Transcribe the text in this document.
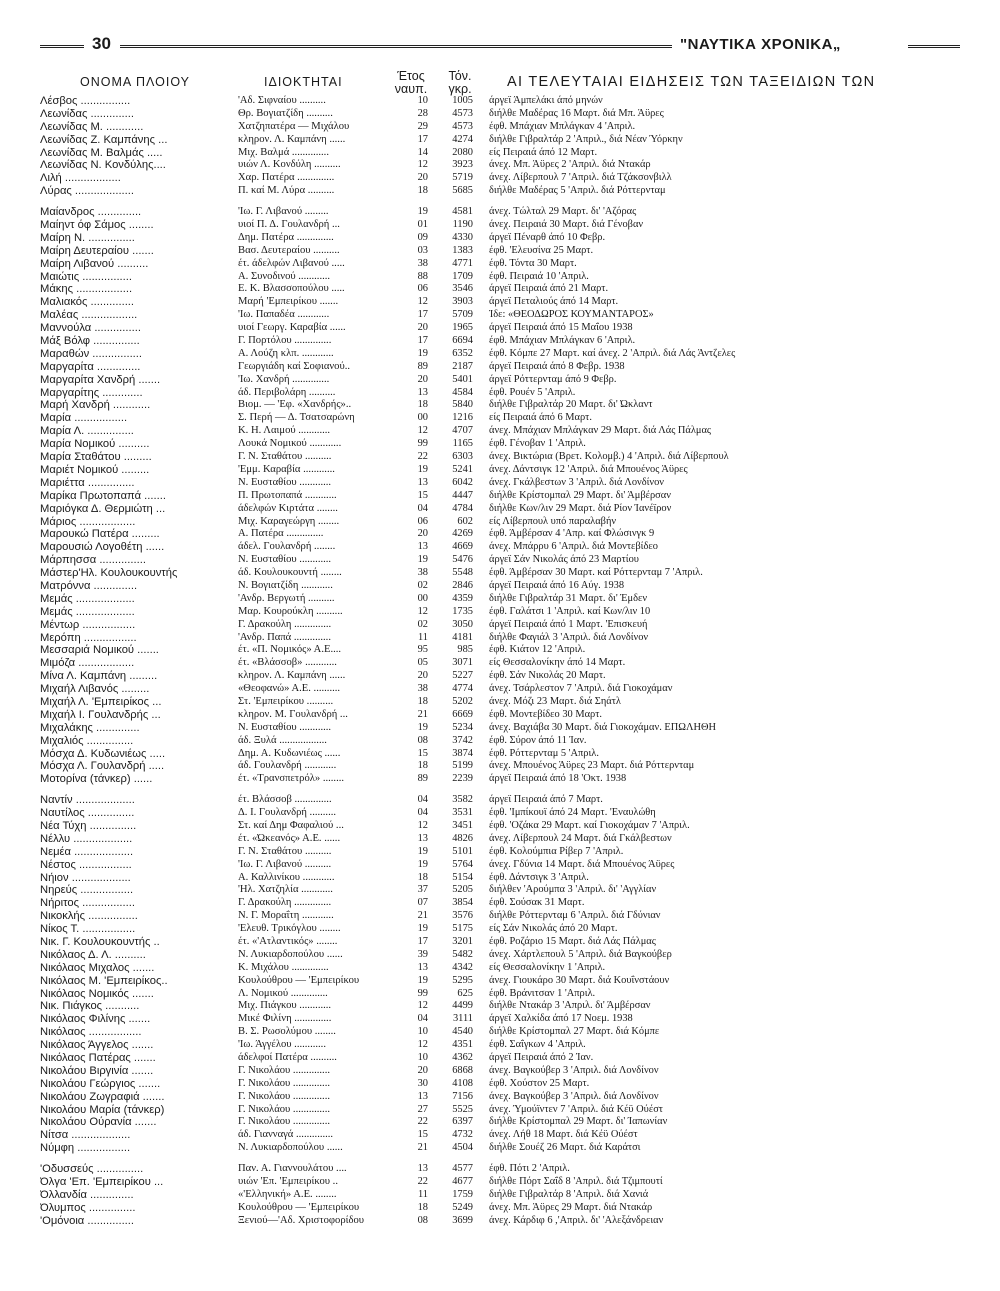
30	"ΝΑΥΤΙΚΑ ΧΡΟΝΙΚΑ„
ΟΝΟΜΑ ΠΛΟΙΟΥ	ΙΔΙΟΚΤΗΤΑΙ	Έτος
ναυπ.
Τόν.
γκρ.	ΑΙ ΤΕΛΕΥΤΑΙΑΙ ΕΙΔΗΣΕΙΣ ΤΩΝ ΤΑΞΕΙΔΙΩΝ ΤΩΝ
Λέσβος ................	'Αδ. Σιφναίου ..........	10	1005 άργεϊ Άμπελάκι άπό μηνών
Λεωνίδας ..............	Θρ. Βογιατζίδη ..........	28	4573 διήλθε Μαδέρας 16 Μαρτ. διά Μπ. Άϋρες
Λεωνίδας Μ. ............	Χατζηπατέρα — Μιχάλου	29	4573 έφθ. Μπάχιαν Μπλάγκαν 4 'Απριλ.
Λεωνίδας Ζ. Καμπάνης ...	κληρον. Λ. Καμπάνη ......	17	4274 διήλθε Γιβραλτάρ 2 'Απριλ., διά Νέαν Ύόρκην
Λεωνίδας Μ. Βαλμάς .....	Μιχ. Βαλμά ..............	14	2080 είς Πειραιά άπό 12 Μαρτ.
Λεωνίδας Ν. Κονδύλης....	υιών Λ. Κονδύλη ..........	12	3923 άνεχ. Μπ. Άϋρες 2 'Απριλ. διά Ντακάρ
Λιλή ..................	Χαρ. Πατέρα ..............	20	5719 άνεχ. Λίβερπουλ 7 'Απριλ. διά Τζάκσονβιλλ
Λύρας ...................	Π. καί Μ. Λύρα ..........	18	5685 διήλθε Μαδέρας 5 'Απριλ. διά Ρόττερνταμ
Μαίανδρος ..............	'Ιω. Γ. Λιβανού .........	19	4581 άνεχ. Τώλταλ 29 Μαρτ. δι' 'Αζόρας
Μαίηντ όφ Σάμος ........	υιοί Π. Δ. Γουλανδρή ...	01	1190 άνεχ. Πειραιά 30 Μαρτ. διά Γένοβαν
Μαίρη Ν. ...............	Δημ. Πατέρα ..............	09	4330 άργεϊ Πέναρθ άπό 10 Φεβρ.
Μαίρη Δευτεραίου .......	Βασ. Δευτεραίου ..........	03	1383 έφθ. 'Ελευσίνα 25 Μαρτ.
Μαίρη Λιβανού ..........	έτ. άδελφών Λιβανού .....	38	4771 έφθ. Τόντα 30 Μαρτ.
Μαιώτις ................	Α. Συνοδινού ............	88	1709 έφθ. Πειραιά 10 'Απριλ.
Μάκης ..................	Ε. Κ. Βλασσοπούλου .....	06	3546 άργεϊ Πειραιά άπό 21 Μαρτ.
Μαλιακός ..............	Μαρή 'Εμπειρίκου .......	12	3903 άργεϊ Πεταλιούς άπό 14 Μαρτ.
Μαλέας ..................	'Ιω. Παπαδέα ............	17	5709 Ίδε: «ΘΕΟΔΩΡΟΣ ΚΟΥΜΑΝΤΑΡΟΣ»
Μαννούλα ...............	υιοί Γεωργ. Καραβία ......	20	1965 άργεϊ Πειραιά άπό 15 Μαΐου 1938
Μάξ Βόλφ ...............	Γ. Πορτόλου ..............	17	6694 έφθ. Μπάχιαν Μπλάγκαν 6 'Απριλ.
Μαραθών ................	Α. Λούζη κλπ. ............	19	6352 έφθ. Κόμπε 27 Μαρτ. καί άνεχ. 2 'Απριλ. διά Λάς Άντζελες
Μαργαρίτα ..............	Γεωργιάδη καί Σοφιανού..	89	2187 άργεϊ Πειραιά άπό 8 Φεβρ. 1938
Μαργαρίτα Χανδρή .......	'Ιω. Χανδρή ..............	20	5401 άργεϊ Ρόττερνταμ άπό 9 Φεβρ.
Μαργαρίτης .............	άδ. Περιβολάρη ..........	13	4584 έφθ. Ρουέν 5 'Απριλ.
Μαρή Χανδρή ............	Βιομ. — 'Εφ. «Χανδρής»..	18	5840 διήλθε Γιβραλτάρ 20 Μαρτ. δι' Ώκλαντ
Μαρία .................	Σ. Περή — Δ. Τσατσαρώνη	00	1216 είς Πειραιά άπό 6 Μαρτ.
Μαρία Λ. ...............	Κ. Η. Λαιμού ............	12	4707 άνεχ. Μπάχιαν Μπλάγκαν 29 Μαρτ. διά Λάς Πάλμας
Μαρία Νομικού ..........	Λουκά Νομικού ............	99	1165 έφθ. Γένοβαν 1 'Απριλ.
Μαρία Σταθάτου .........	Γ. Ν. Σταθάτου ..........	22	6303 άνεχ. Βικτώρια (Βρετ. Κολομβ.) 4 'Απριλ. διά Λίβερπουλ
Μαριέτ Νομικού .........	'Εμμ. Καραβία ............	19	5241 άνεχ. Δάντσιγκ 12 'Απριλ. διά Μπουένος Άϋρες
Μαριέττα ...............	Ν. Ευσταθίου ............	13	6042 άνεχ. Γκάλβεστων 3 'Απριλ. διά Λονδίνον
Μαρίκα Πρωτοπαπά .......	Π. Πρωτοπαπά ............	15	4447 διήλθε Κρίστομπαλ 29 Μαρτ. δι' Άμβέρσαν
Μαριόγκα Δ. Θερμιώτη ...	άδελφών Κιρτάτα ........	04	4784 διήλθε Κων/λιν 29 Μαρτ. διά Ρίον Ίανέϊρον
Μάριος ..................	Μιχ. Καραγεώργη ........	06	602 είς Λίβερπουλ υπό παραλαβήν
Μαρουκώ Πατέρα .........	Α. Πατέρα ..............	20	4269 έφθ. Άμβέρσαν 4 'Απρ. καί Φλώσινγκ 9
Μαρουσιώ Λογοθέτη ......	άδελ. Γουλανδρή ........	13	4669 άνεχ. Μπάρρυ 6 'Απριλ. διά Μοντεβίδεο
Μάρπησσα ...............	Ν. Ευσταθίου ............	19	5476 άργεϊ Σάν Νικολάς άπό 23 Μαρτίου
Μάστερ'Ηλ. Κουλουκουντής	άδ. Κουλουκουντή ........	38	5548 έφθ. Άμβέρσαν 30 Μαρτ. καί Ρόττερνταμ 7 'Απριλ.
Ματρόννα ..............	Ν. Βογιατζίδη ............	02	2846 άργεϊ Πειραιά άπό 16 Αύγ. 1938
Μεμάς ...................	'Ανδρ. Βεργωτή ..........	00	4359 διήλθε Γιβραλτάρ 31 Μαρτ. δι' Έμδεν
Μεμάς ...................	Μαρ. Κουρούκλη ..........	12	1735 έφθ. Γαλάτσι 1 'Απριλ. καί Κων/λιν 10
Μέντωρ .................	Γ. Δρακούλη ..............	02	3050 άργεϊ Πειραιά άπό 1 Μαρτ. 'Επισκευή
Μερόπη .................	'Ανδρ. Παπά ..............	11	4181 διήλθε Φαγιάλ 3 'Απριλ. διά Λονδίνον
Μεσσαριά Νομικού .......	έτ. «Π. Νομικός» Α.Ε....	95	985 έφθ. Κιάτον 12 'Απριλ.
Μιμόζα ..................	έτ. «Βλάσσοβ» ............	05	3071 είς Θεσσαλονίκην άπό 14 Μαρτ.
Μίνα Λ. Καμπάνη .........	κληρον. Λ. Καμπάνη ......	20	5227 έφθ. Σάν Νικολάς 20 Μαρτ.
Μιχαήλ Λιβανός .........	«Θεοφανώ» Α.Ε. ..........	38	4774 άνεχ. Τσάρλεστον 7 'Απριλ. διά Γιοκοχάμαν
Μιχαήλ Λ. 'Εμπειρίκος ...	Στ. 'Εμπειρίκου ..........	18	5202 άνεχ. Μόζι 23 Μαρτ. διά Σηάτλ
Μιχαήλ Ι. Γουλανδρής ...	κληρον. Μ. Γουλανδρή ...	21	6669 έφθ. Μοντεβίδεο 30 Μαρτ.
Μιχαλάκης ..............	Ν. Ευσταθίου ............	19	5234 άνεχ. Βαχιάβα 30 Μαρτ. διά Γιοκοχάμαν. ΕΠΩΛΗΘΗ
Μιχαλιός ...............	άδ. Ξυλά ..................	08	3742 έφθ. Σύρον άπό 11 Ίαν.
Μόσχα Δ. Κυδωνιέως .....	Δημ. Α. Κυδωνιέως ......	15	3874 έφθ. Ρόττερνταμ 5 'Απριλ.
Μόσχα Λ. Γουλανδρή .....	άδ. Γουλανδρή ............	18	5199 άνεχ. Μπουένος Άϋρες 23 Μαρτ. διά Ρόττερνταμ
Μοτορίνα (τάνκερ) ......	έτ. «Τρανσπετρόλ» ........	89	2239 άργεϊ Πειραιά άπό 18 'Οκτ. 1938
Ναντίν ...................	έτ. Βλάσσοβ ..............	04	3582 άργεϊ Πειραιά άπό 7 Μαρτ.
Ναυτίλος ...............	Δ. Ι. Γουλανδρή ..........	04	3531 έφθ. 'Ιμπίκουϊ άπό 24 Μαρτ. 'Εναυλώθη
Νέα Τύχη ...............	Στ. καί Δημ Φαφαλιού ...	12	3451 έφθ. 'Οζάκα 29 Μαρτ. καί Γιοκοχάμαν 7 'Απριλ.
Νέλλυ ...................	έτ. «Ώκεανός» Α.Ε. ......	13	4826 άνεχ. Λίβερπουλ 24 Μαρτ. διά Γκάλβεστων
Νεμέα ...................	Γ. Ν. Σταθάτου ..........	19	5101 έφθ. Κολούμπια Ρίβερ 7 'Απριλ.
Νέστος .................	'Ιω. Γ. Λιβανού ..........	19	5764 άνεχ. Γδύνια 14 Μαρτ. διά Μπουένος Άϋρες
Νήιον ...................	Α. Καλλινίκου ............	18	5154 έφθ. Δάντσιγκ 3 'Απριλ.
Νηρεύς .................	'Ηλ. Χατζηλία ............	37	5205 διήλθεν 'Αρούμπα 3 'Απριλ. δι' 'Αγγλίαν
Νήριτος .................	Γ. Δρακούλη ..............	07	3854 έφθ. Σούσακ 31 Μαρτ.
Νικοκλής ................	Ν. Γ. Μοραΐτη ............	21	3576 διήλθε Ρόττερνταμ 6 'Απριλ. διά Γδύνιαν
Νίκος Τ. .................	'Ελευθ. Τρικόγλου ........	19	5175 είς Σάν Νικολάς άπό 20 Μαρτ.
Νικ. Γ. Κουλουκουντής ..	έτ. «'Ατλαντικός» ........	17	3201 έφθ. Ροζάριο 15 Μαρτ. διά Λάς Πάλμας
Νικόλαος Δ. Λ. ..........	Ν. Λυκιαρδοπούλου ......	39	5482 άνεχ. Χάρτλεπουλ 5 'Απριλ. διά Βαγκούβερ
Νικόλαος Μιχαλος .......	Κ. Μιχάλου ..............	13	4342 είς Θεσσαλονίκην 1 'Απριλ.
Νικόλαος Μ. 'Εμπειρίκος..	Κουλούθρου — 'Εμπειρίκου	19	5295 άνεχ. Γιουκάρο 30 Μαρτ. διά Κουΐνστάουν
Νικόλαος Νομικός .......	Λ. Νομικού ..............	99	625 έφθ. Βράνιτσαν 1 'Απριλ.
Νικ. Πιάγκος ...........	Μιχ. Πιάγκου ............	12	4499 διήλθε Ντακάρ 3 'Απριλ. δι' Άμβέρσαν
Νικόλαος Φιλίνης .......	Μικέ Φιλίνη ..............	04	3111 άργεϊ Χαλκίδα άπό 17 Νοεμ. 1938
Νικόλαος .................	Β. Σ. Ρωσολύμου ........	10	4540 διήλθε Κρίστομπαλ 27 Μαρτ. διά Κόμπε
Νικόλαος Άγγελος .......	'Ιω. Άγγέλου ............	12	4351 έφθ. Σαΐγκων 4 'Απριλ.
Νικόλαος Πατέρας .......	άδελφοί Πατέρα ..........	10	4362 άργεϊ Πειραιά άπό 2 Ίαν.
Νικολάου Βιργινία .......	Γ. Νικολάου ..............	20	6868 άνεχ. Βαγκούβερ 3 'Απριλ. διά Λονδίνον
Νικολάου Γεώργιος .......	Γ. Νικολάου ..............	30	4108 έφθ. Χούστον 25 Μαρτ.
Νικολάου Ζωγραφιά .......	Γ. Νικολάου ..............	13	7156 άνεχ. Βαγκούβερ 3 'Απριλ. διά Λονδίνον
Νικολάου Μαρία (τάνκερ)	Γ. Νικολάου ..............	27	5525 άνεχ. Ύμούϊντεν 7 'Απριλ. διά Κέϋ Ούέστ
Νικολάου Ούρανία .......	Γ. Νικολάου ..............	22	6397 διήλθε Κρίστομπαλ 29 Μαρτ. δι' Ίαπωνίαν
Νίτσα ...................	άδ. Γιανναγά ..............	15	4732 άνεχ. Λήθ 18 Μαρτ. διά Κέϋ Ούέστ
Νύμφη .................	Ν. Λυκιαρδοπούλου ......	21	4504 διήλθε Σουέζ 26 Μαρτ. διά Καράτσι
'Οδυσσεύς ...............	Παν. Α. Γιαννουλάτου ....	13	4577 έφθ. Πότι 2 'Απριλ.
Όλγα 'Επ. 'Εμπειρίκου ...	υιών 'Επ. 'Εμπειρίκου ..	22	4677 διήλθε Πόρτ Σαΐδ 8 'Απριλ. διά Τζιμπουτί
Όλλανδία ..............	«'Ελληνική» Α.Ε. ........	11	1759 διήλθε Γιβραλτάρ 8 'Απριλ. διά Χανιά
Όλυμπος ...............	Κουλούθρου — 'Εμπειρίκου	18	5249 άνεχ. Μπ. Άϋρες 29 Μαρτ. διά Ντακάρ
'Ομόνοια ...............	Ξενιού—'Αδ. Χριστοφορίδου	08	3699 άνεχ. Κάρδιφ 6 ,'Απριλ. δι' 'Αλεξάνδρειαν
